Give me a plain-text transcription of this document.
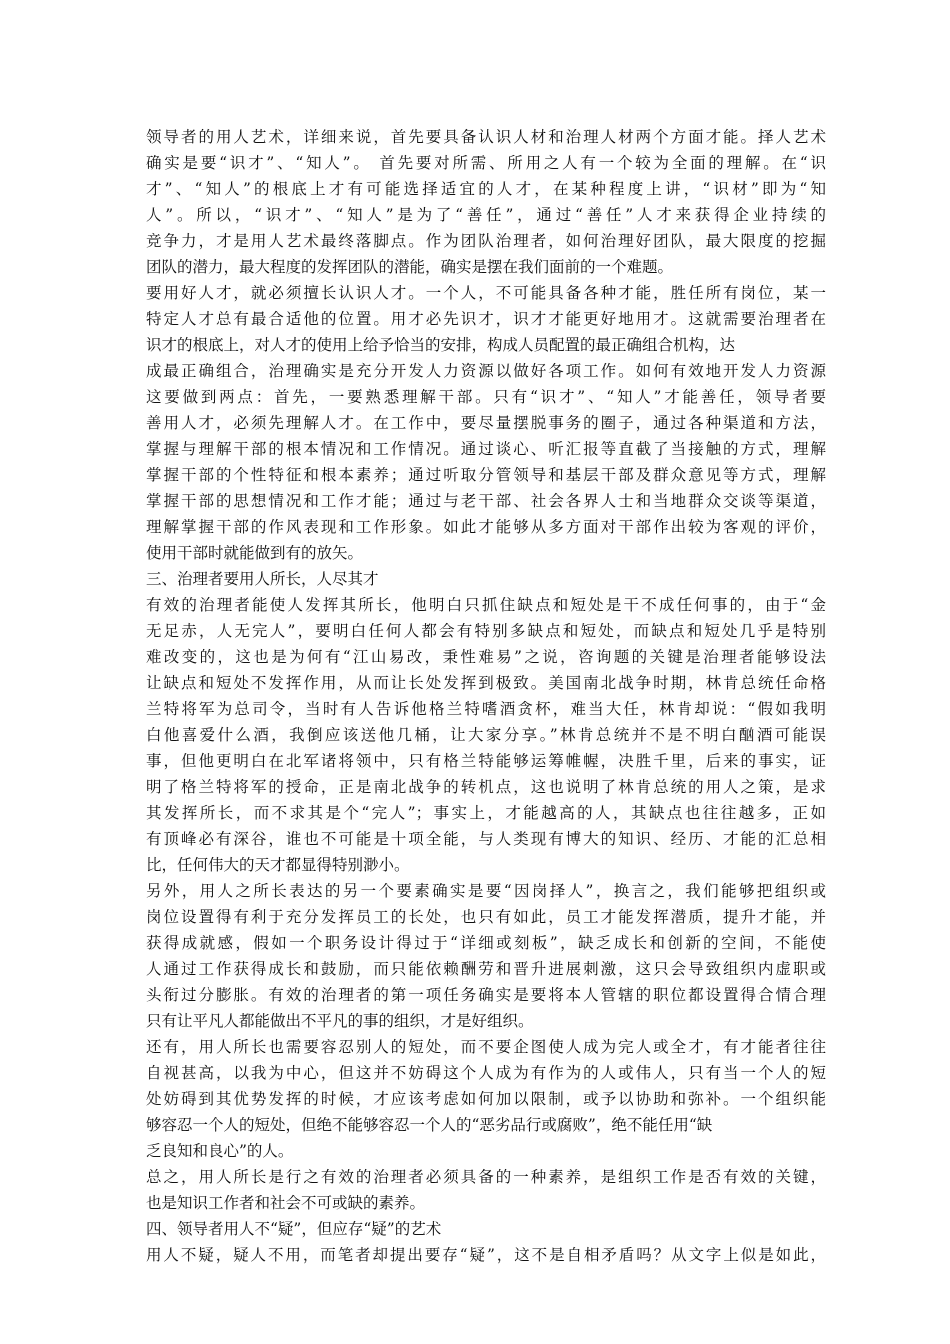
领导者的用人艺术，详细来说，首先要具备认识人材和治理人材两个方面才能。择人艺术
确实是要“识才”、“知人”。 首先要对所需、所用之人有一个较为全面的理解。在“识
才”、“知人”的根底上才有可能选择适宜的人才，在某种程度上讲，“识材”即为“知
人”。所以，“识才”、“知人”是为了“善任”，通过“善任”人才来获得企业持续的
竞争力，才是用人艺术最终落脚点。作为团队治理者，如何治理好团队，最大限度的挖掘
团队的潜力，最大程度的发挥团队的潜能，确实是摆在我们面前的一个难题。
要用好人才，就必须擅长认识人才。一个人，不可能具备各种才能，胜任所有岗位，某一
特定人才总有最合适他的位置。用才必先识才，识才才能更好地用才。这就需要治理者在
识才的根底上，对人才的使用上给予恰当的安排，构成人员配置的最正确组合机构，达
成最正确组合，治理确实是充分开发人力资源以做好各项工作。如何有效地开发人力资源
这要做到两点：首先，一要熟悉理解干部。只有“识才”、“知人”才能善任，领导者要
善用人才，必须先理解人才。在工作中，要尽量摆脱事务的圈子，通过各种渠道和方法，
掌握与理解干部的根本情况和工作情况。通过谈心、听汇报等直截了当接触的方式，理解
掌握干部的个性特征和根本素养；通过听取分管领导和基层干部及群众意见等方式，理解
掌握干部的思想情况和工作才能；通过与老干部、社会各界人士和当地群众交谈等渠道，
理解掌握干部的作风表现和工作形象。如此才能够从多方面对干部作出较为客观的评价，
使用干部时就能做到有的放矢。
三、治理者要用人所长，人尽其才
有效的治理者能使人发挥其所长，他明白只抓住缺点和短处是干不成任何事的，由于“金
无足赤，人无完人”，要明白任何人都会有特别多缺点和短处，而缺点和短处几乎是特别
难改变的，这也是为何有“江山易改，秉性难易”之说，咨询题的关键是治理者能够设法
让缺点和短处不发挥作用，从而让长处发挥到极致。美国南北战争时期，林肯总统任命格
兰特将军为总司令，当时有人告诉他格兰特嗜酒贪杯，难当大任，林肯却说：“假如我明
白他喜爱什么酒，我倒应该送他几桶，让大家分享。”林肯总统并不是不明白酗酒可能误
事，但他更明白在北军诸将领中，只有格兰特能够运筹帷幄，决胜千里，后来的事实，证
明了格兰特将军的授命，正是南北战争的转机点，这也说明了林肯总统的用人之策，是求
其发挥所长，而不求其是个“完人”；事实上，才能越高的人，其缺点也往往越多，正如
有顶峰必有深谷，谁也不可能是十项全能，与人类现有博大的知识、经历、才能的汇总相
比，任何伟大的天才都显得特别渺小。
另外，用人之所长表达的另一个要素确实是要“因岗择人”，换言之，我们能够把组织或
岗位设置得有利于充分发挥员工的长处，也只有如此，员工才能发挥潜质，提升才能，并
获得成就感，假如一个职务设计得过于“详细或刻板”，缺乏成长和创新的空间，不能使
人通过工作获得成长和鼓励，而只能依赖酬劳和晋升进展刺激，这只会导致组织内虚职或
头衔过分膨胀。有效的治理者的第一项任务确实是要将本人管辖的职位都设置得合情合理
只有让平凡人都能做出不平凡的事的组织，才是好组织。
还有，用人所长也需要容忍别人的短处，而不要企图使人成为完人或全才，有才能者往往
自视甚高，以我为中心，但这并不妨碍这个人成为有作为的人或伟人，只有当一个人的短
处妨碍到其优势发挥的时候，才应该考虑如何加以限制，或予以协助和弥补。一个组织能
够容忍一个人的短处，但绝不能够容忍一个人的“恶劣品行或腐败”，绝不能任用“缺
乏良知和良心”的人。
总之，用人所长是行之有效的治理者必须具备的一种素养，是组织工作是否有效的关键，
也是知识工作者和社会不可或缺的素养。
四、领导者用人不“疑”，但应存“疑”的艺术
用人不疑，疑人不用，而笔者却提出要存“疑”，这不是自相矛盾吗？从文字上似是如此，
